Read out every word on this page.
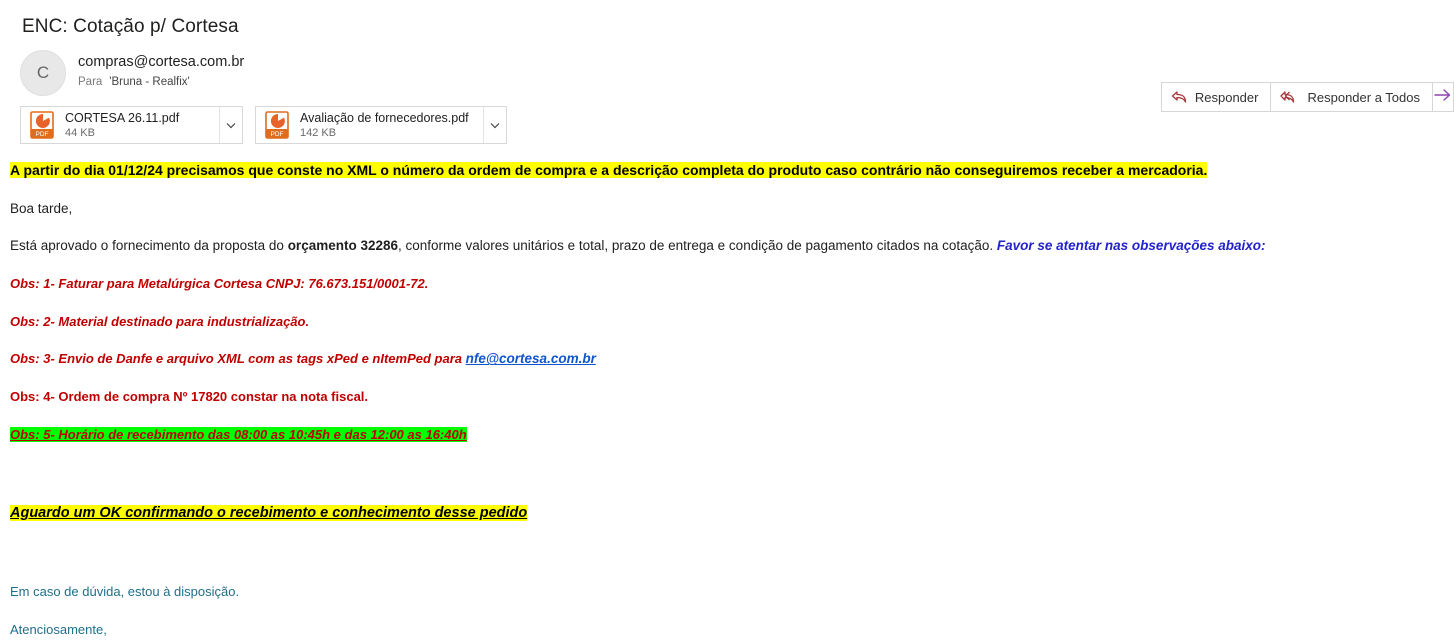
ENC: Cotação p/ Cortesa
C
compras@cortesa.com.br
Para 'Bruna - Realfix'
Responder	Responder a Todos
PDF
CORTESA 26.11.pdf
44 KB	PDF
Avaliação de fornecedores.pdf
142 KB

A partir do dia 01/12/24 precisamos que conste no XML o número da ordem de compra e a descrição completa do produto caso contrário não conseguiremos receber a mercadoria.

Boa tarde,

Está aprovado o fornecimento da proposta do orçamento 32286, conforme valores unitários e total, prazo de entrega e condição de pagamento citados na cotação. Favor se atentar nas observações abaixo:

Obs: 1- Faturar para Metalúrgica Cortesa CNPJ: 76.673.151/0001-72.

Obs: 2- Material destinado para industrialização.

Obs: 3- Envio de Danfe e arquivo XML com as tags xPed e nItemPed para nfe@cortesa.com.br

Obs: 4- Ordem de compra Nº 17820 constar na nota fiscal.

Obs: 5- Horário de recebimento das 08:00 as 10:45h e das 12:00 as 16:40h

Aguardo um OK confirmando o recebimento e conhecimento desse pedido

Em caso de dúvida, estou à disposição.

Atenciosamente,
